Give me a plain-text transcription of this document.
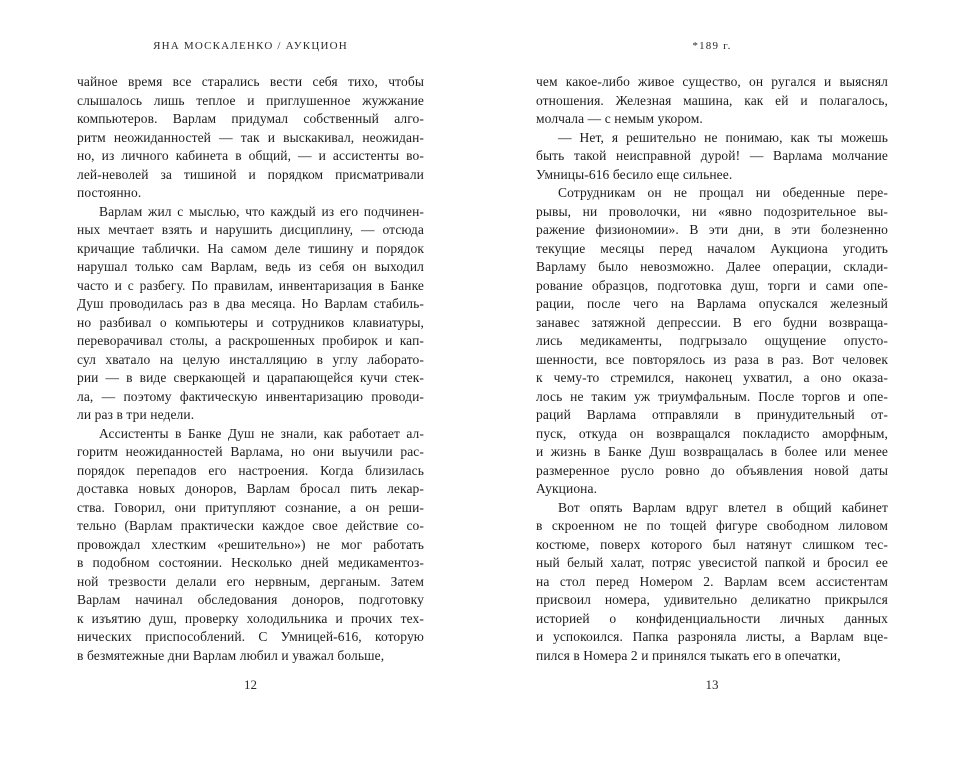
ЯНА МОСКАЛЕНКО / АУКЦИОН

чайное время все старались вести себя тихо, чтобы
слышалось лишь теплое и приглушенное жужжание
компьютеров. Варлам придумал собственный алго-
ритм неожиданностей — так и выскакивал, неожидан-
но, из личного кабинета в общий, — и ассистенты во-
лей-неволей за тишиной и порядком присматривали
постоянно.

Варлам жил с мыслью, что каждый из его подчинен-
ных мечтает взять и нарушить дисциплину, — отсюда
кричащие таблички. На самом деле тишину и порядок
нарушал только сам Варлам, ведь из себя он выходил
часто и с разбегу. По правилам, инвентаризация в Банке
Душ проводилась раз в два месяца. Но Варлам стабиль-
но разбивал о компьютеры и сотрудников клавиатуры,
переворачивал столы, а раскрошенных пробирок и кап-
сул хватало на целую инсталляцию в углу лаборато-
рии — в виде сверкающей и царапающейся кучи стек-
ла, — поэтому фактическую инвентаризацию проводи-
ли раз в три недели.

Ассистенты в Банке Душ не знали, как работает ал-
горитм неожиданностей Варлама, но они выучили рас-
порядок перепадов его настроения. Когда близилась
доставка новых доноров, Варлам бросал пить лекар-
ства. Говорил, они притупляют сознание, а он реши-
тельно (Варлам практически каждое свое действие со-
провождал хлестким «решительно») не мог работать
в подобном состоянии. Несколько дней медикаментоз-
ной трезвости делали его нервным, дерганым. Затем
Варлам начинал обследования доноров, подготовку
к изъятию душ, проверку холодильника и прочих тех-
нических приспособлений. С Умницей-616, которую
в безмятежные дни Варлам любил и уважал больше,

12
*189 г.

чем какое-либо живое существо, он ругался и выяснял
отношения. Железная машина, как ей и полагалось,
молчала — с немым укором.

— Нет, я решительно не понимаю, как ты можешь
быть такой неисправной дурой! — Варлама молчание
Умницы-616 бесило еще сильнее.

Сотрудникам он не прощал ни обеденные пере-
рывы, ни проволочки, ни «явно подозрительное вы-
ражение физиономии». В эти дни, в эти болезненно
текущие месяцы перед началом Аукциона угодить
Варламу было невозможно. Далее операции, склади-
рование образцов, подготовка душ, торги и сами опе-
рации, после чего на Варлама опускался железный
занавес затяжной депрессии. В его будни возвраща-
лись медикаменты, подгрызало ощущение опусто-
шенности, все повторялось из раза в раз. Вот человек
к чему-то стремился, наконец ухватил, а оно оказа-
лось не таким уж триумфальным. После торгов и опе-
раций Варлама отправляли в принудительный от-
пуск, откуда он возвращался покладисто аморфным,
и жизнь в Банке Душ возвращалась в более или менее
размеренное русло ровно до объявления новой даты
Аукциона.

Вот опять Варлам вдруг влетел в общий кабинет
в скроенном не по тощей фигуре свободном лиловом
костюме, поверх которого был натянут слишком тес-
ный белый халат, потряс увесистой папкой и бросил ее
на стол перед Номером 2. Варлам всем ассистентам
присвоил номера, удивительно деликатно прикрылся
историей о конфиденциальности личных данных
и успокоился. Папка разроняла листы, а Варлам вце-
пился в Номера 2 и принялся тыкать его в опечатки,

13
